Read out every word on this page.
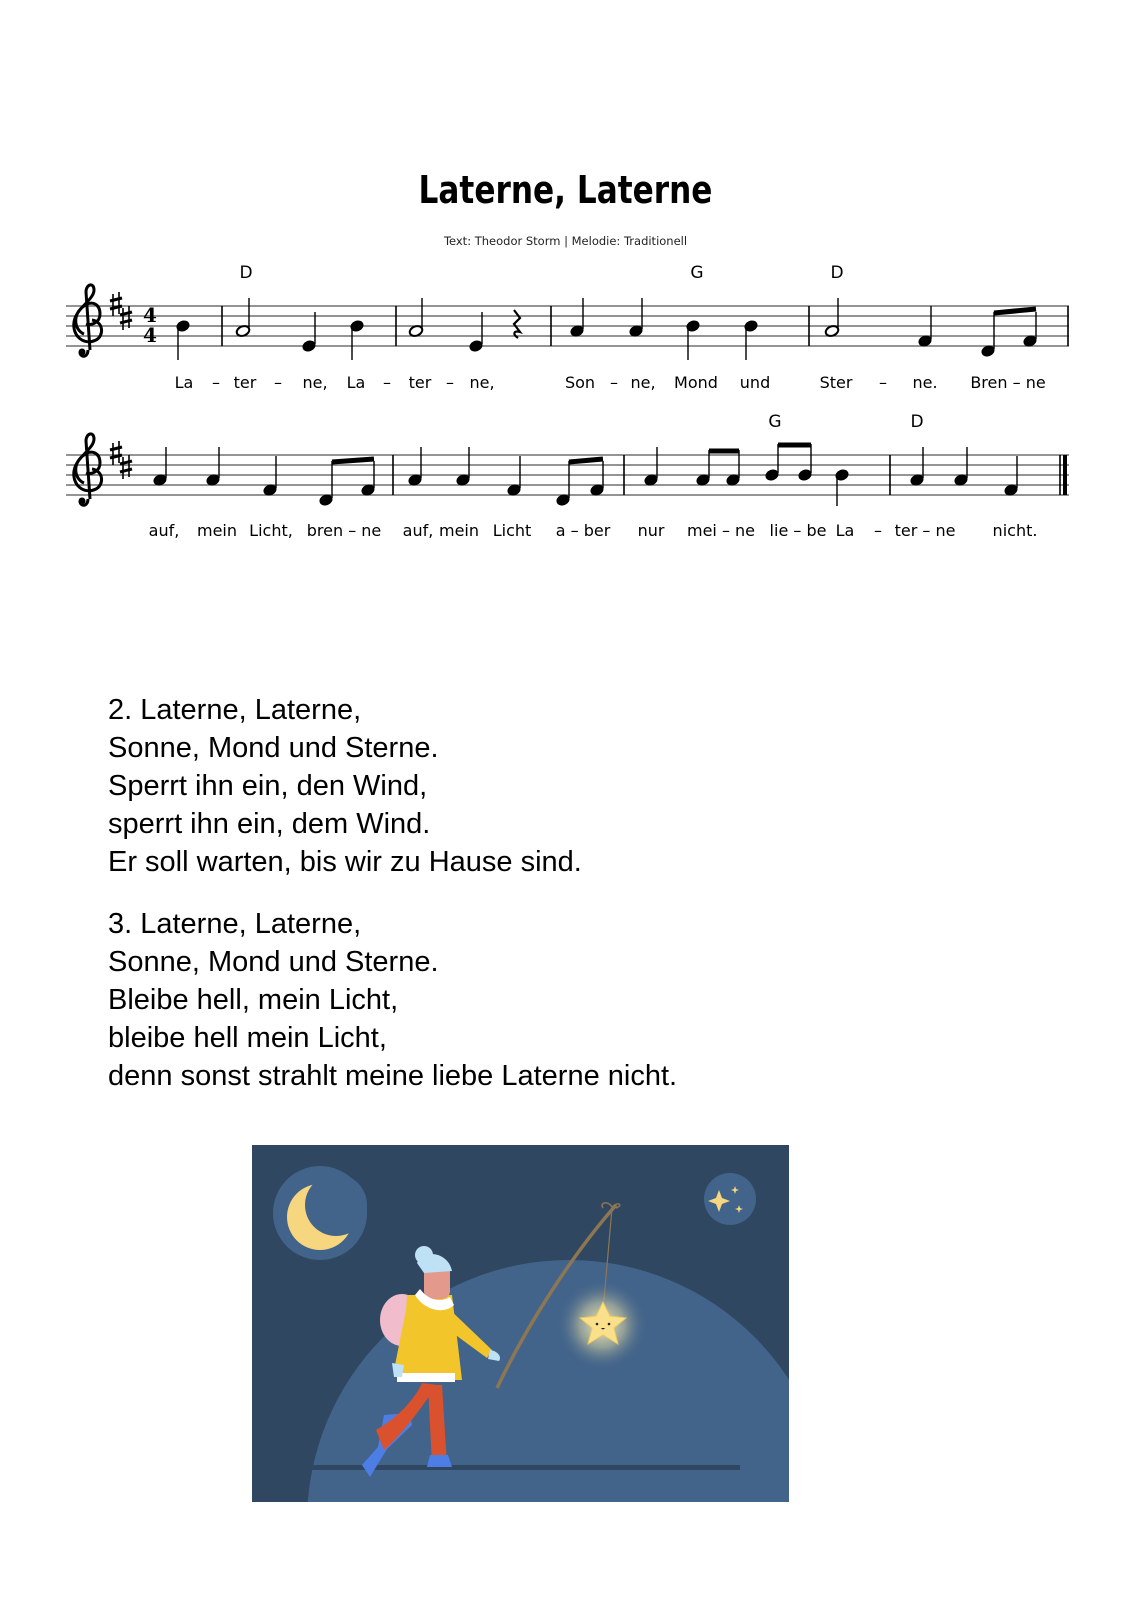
Laterne, Laterne
Text: Theodor Storm | Melodie: Traditionell
4
4
D	G	D
La – ter – ne, La – ter – ne,	Son – ne, Mond und	Ster – ne. Bren – ne
G	D
auf, mein Licht, bren – ne auf, mein Licht a – ber nur mei – ne lie – be La – ter – ne nicht.

2. Laterne, Laterne,

Sonne, Mond und Sterne.

Sperrt ihn ein, den Wind,

sperrt ihn ein, dem Wind.

Er soll warten, bis wir zu Hause sind.

3. Laterne, Laterne,

Sonne, Mond und Sterne.

Bleibe hell, mein Licht,

bleibe hell mein Licht,

denn sonst strahlt meine liebe Laterne nicht.
